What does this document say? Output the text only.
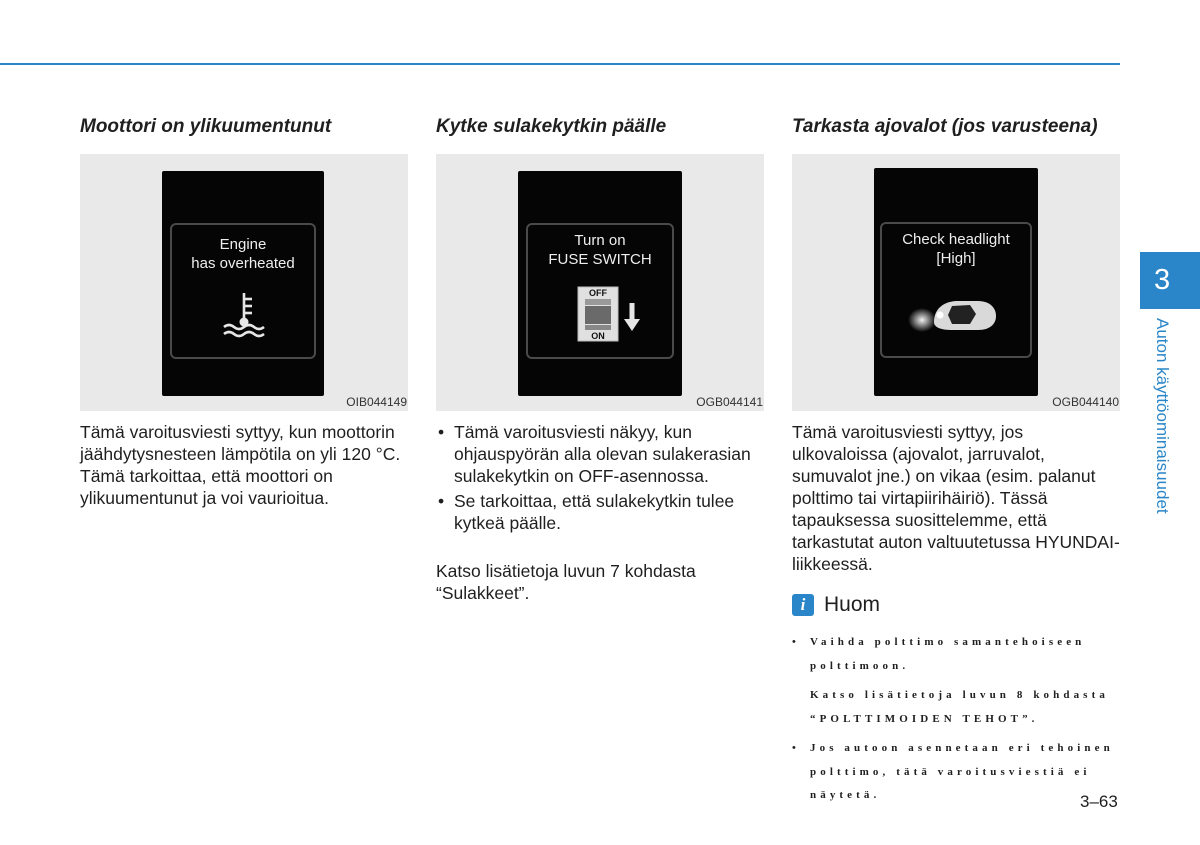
Moottori on ylikuumentunut
Engine
has overheated
OIB044149

Tämä varoitusviesti syttyy, kun moottorin jäähdytysnesteen lämpötila on yli 120 °C. Tämä tarkoittaa, että moottori on ylikuumentunut ja voi vaurioitua.

Kytke sulakekytkin päälle
Turn on
FUSE SWITCH
OFF
ON
OGB044141
• Tämä varoitusviesti näkyy, kun ohjauspyörän alla olevan sulakerasian sulakekytkin on OFF-asennossa.
• Se tarkoittaa, että sulakekytkin tulee kytkeä päälle.

Katso lisätietoja luvun 7 kohdasta “Sulakkeet”.

Tarkasta ajovalot (jos varusteena)
Check headlight
[High]
OGB044140

Tämä varoitusviesti syttyy, jos ulkovaloissa (ajovalot, jarruvalot, sumuvalot jne.) on vikaa (esim. palanut polttimo tai virtapiirihäiriö). Tässä tapauksessa suosittelemme, että tarkastutat auton valtuutetussa HYUNDAI-liikkeessä.

i Huom
• Vaihda polttimo samantehoiseen polttimoon.
Katso lisätietoja luvun 8 kohdasta “POLTTIMOIDEN TEHOT”.
• Jos autoon asennetaan eri tehoinen polttimo, tätä varoitusviestiä ei näytetä.
3
Auton käyttöominaisuudet
3–63
